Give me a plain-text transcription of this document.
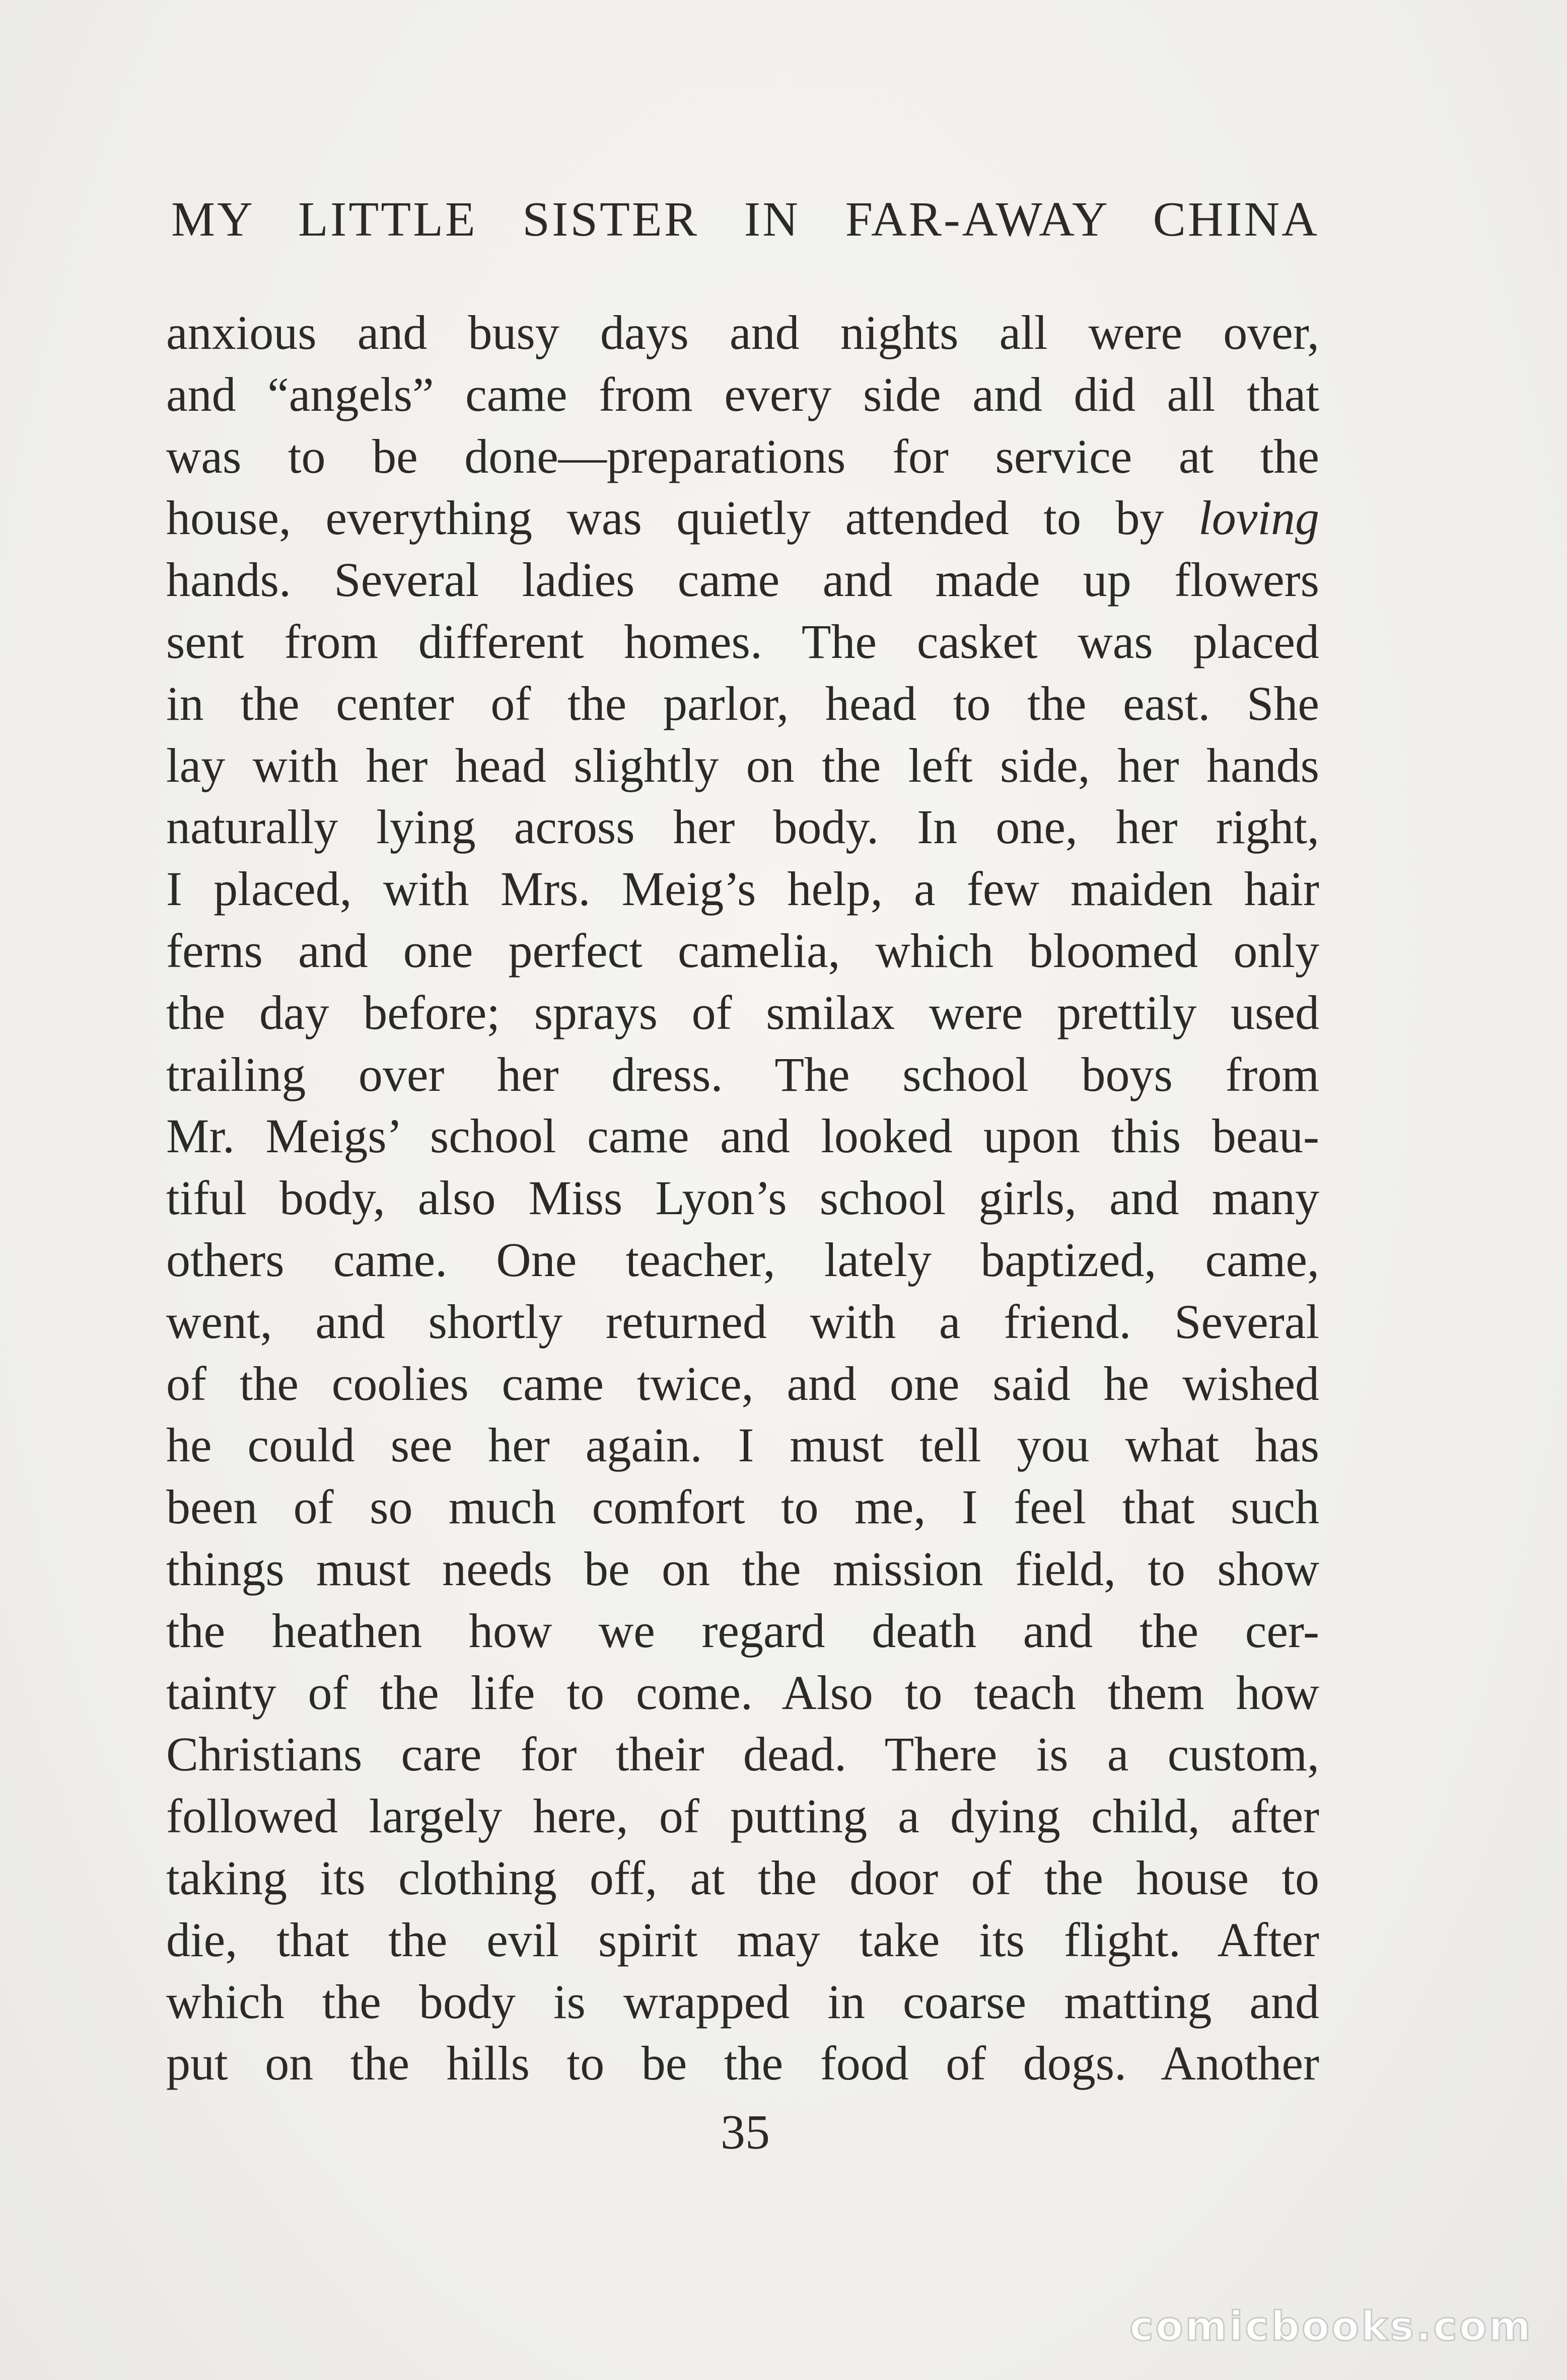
MY LITTLE SISTER IN FAR-AWAY CHINA
anxious and busy days and nights all were over,
and “angels” came from every side and did all that
was to be done—preparations for service at the
house, everything was quietly attended to by loving
hands. Several ladies came and made up flowers
sent from different homes. The casket was placed
in the center of the parlor, head to the east. She
lay with her head slightly on the left side, her hands
naturally lying across her body. In one, her right,
I placed, with Mrs. Meig’s help, a few maiden hair
ferns and one perfect camelia, which bloomed only
the day before; sprays of smilax were prettily used
trailing over her dress. The school boys from
Mr. Meigs’ school came and looked upon this beau-
tiful body, also Miss Lyon’s school girls, and many
others came. One teacher, lately baptized, came,
went, and shortly returned with a friend. Several
of the coolies came twice, and one said he wished
he could see her again. I must tell you what has
been of so much comfort to me, I feel that such
things must needs be on the mission field, to show
the heathen how we regard death and the cer-
tainty of the life to come. Also to teach them how
Christians care for their dead. There is a custom,
followed largely here, of putting a dying child, after
taking its clothing off, at the door of the house to
die, that the evil spirit may take its flight. After
which the body is wrapped in coarse matting and
put on the hills to be the food of dogs. Another
35
comicbooks.com
